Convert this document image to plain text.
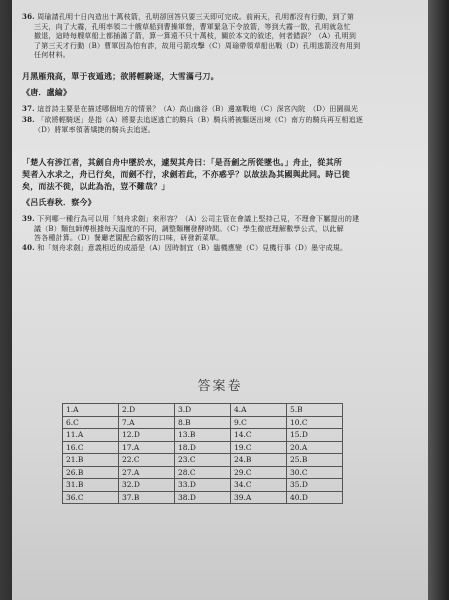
36. 周瑜請孔明十日內造出十萬枝箭，孔明卻回答只要三天即可完成。前兩天，孔明都沒有行動，到了第
三天，向了大霧，孔明率領二十艘草船到曹操軍營，曹軍緊急下令放箭，等到大霧一散，孔明就急忙
撤退，這時每艘草船上都插滿了箭，算一算遠不只十萬枝，關於本文的敘述，何者錯誤？（A）孔明到
了第三天才行動（B）曹軍因為怕有詐，故用弓箭攻擊（C）周瑜帶領草船出戰（D）孔明逃箭沒有用到
任何材料。
月黑雁飛高，單于夜遁逃；欲將輕騎逐，大雪滿弓刀。
《唐．盧綸》
37. 這首詩主要是在描述哪個地方的情景？（A）高山幽谷（B）邊塞戰地（C）深宮內院　（D）田園風光
38. 「欲將輕騎逐」是指（A）將要去追逐逃亡的騎兵（B）騎兵將被驅逐出境（C）南方的騎兵再互相追逐
（D）將軍率領著矯捷的騎兵去追逐。
「楚人有涉江者，其劍自舟中墜於水，遽契其舟曰：「是吾劍之所從墜也。」舟止，從其所
契者入水求之，舟已行矣，而劍不行，求劍若此，不亦惑乎？以故法為其國與此同。時已徙
矣，而法不徙，以此為治，豈不難哉？」
《呂氏春秋．察今》
39. 下列哪一種行為可以用「刻舟求劍」來形容？（A）公司主管在會議上堅持己見，不理會下屬提出的建
議（B）麵包師傅根據每天溫度的不同，調整麵糰發酵時間。（C）學生徹底理解數學公式，以此解
答各種計算。（D）餐廳老闆配合顧客的口味，研發新菜單。
40. 和「刻舟求劍」意義相近的成語是（A）因時制宜（B）臨機應變（C）見機行事（D）墨守成規。
答案卷
1.A	2.D	3.D	4.A	5.B
6.C	7.A	8.B	9.C	10.C
11.A	12.D	13.B	14.C	15.D
16.C	17.A	18.D	19.C	20.A
21.B	22.C	23.C	24.B	25.B
26.B	27.A	28.C	29.C	30.C
31.B	32.D	33.D	34.C	35.D
36.C	37.B	38.D	39.A	40.D
